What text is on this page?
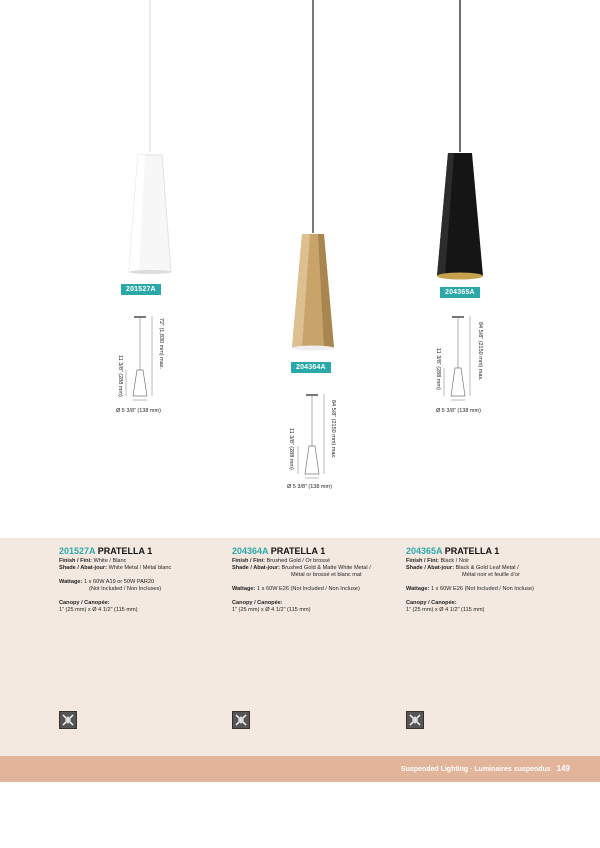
201527A
204364A
204365A
72” (1,830 mm) max.
11 3/8” (288 mm)
Ø 5 3/8” (138 mm)	84 5/8” (2150 mm) max.
11 3/8” (288 mm)
Ø 5 3/8” (138 mm)
84 5/8” (2150 mm) max.
11 3/8” (288 mm)
Ø 5 3/8” (138 mm)
201527A PRATELLA 1
Finish / Fini: White / Blanc
Shade / Abat-jour: White Metal / Métal blanc
Wattage: 1 x 60W A19 or 50W PAR20
(Not Included / Non Incluses)
Canopy / Canopée:
1” (25 mm) x Ø 4 1/2” (115 mm)
204364A PRATELLA 1
Finish / Fini: Brushed Gold / Or brossé
Shade / Abat-jour: Brushed Gold & Matte White Metal /
Métal or brossé et blanc mat
Wattage: 1 x 60W E26 (Not Included / Non Incluse)
Canopy / Canopée:
1” (25 mm) x Ø 4 1/2” (115 mm)
204365A PRATELLA 1
Finish / Fini: Black / Noir
Shade / Abat-jour: Black & Gold Leaf Metal /
Métal noir et feuille d’or
Wattage: 1 x 60W E26 (Not Included / Non Incluse)
Canopy / Canopée:
1” (25 mm) x Ø 4 1/2” (115 mm)
Suspended Lighting · Luminaires suspendus 149
